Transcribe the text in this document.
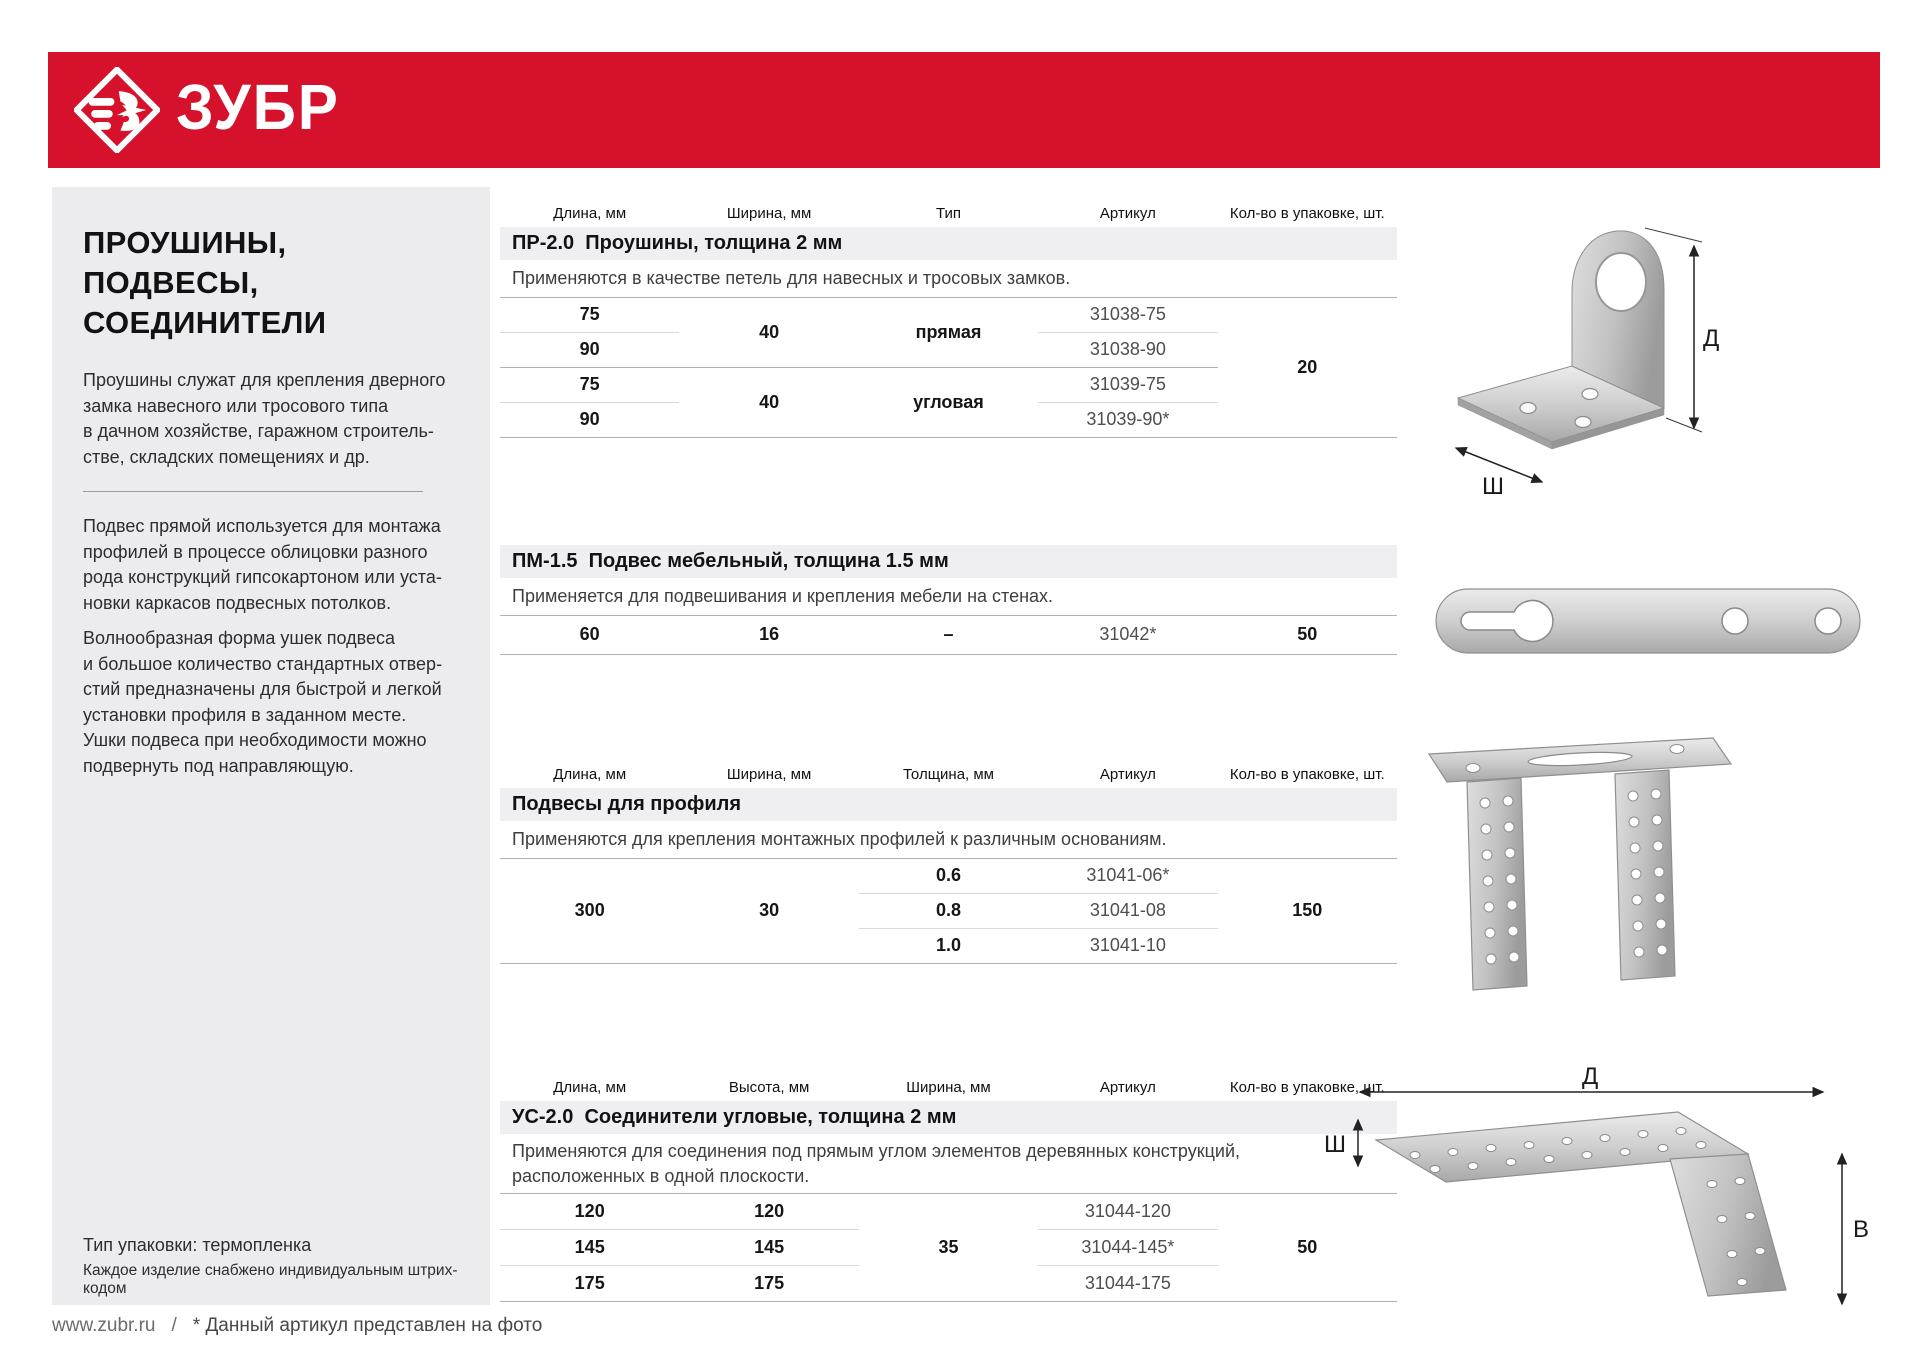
ЗУБР
ПРОУШИНЫ,
ПОДВЕСЫ,
СОЕДИНИТЕЛИ
Проушины служат для крепления дверного
замка навесного или тросового типа
в дачном хозяйстве, гаражном строитель-
стве, складских помещениях и др.
Подвес прямой используется для монтажа
профилей в процессе облицовки разного
рода конструкций гипсокартоном или уста-
новки каркасов подвесных потолков.
Волнообразная форма ушек подвеса
и большое количество стандартных отвер-
стий предназначены для быстрой и легкой
установки профиля в заданном месте.
Ушки подвеса при необходимости можно
подвернуть под направляющую.
Тип упаковки: термопленка
Каждое изделие снабжено индивидуальным штрих-кодом
Длина, мм	Ширина, мм	Тип	Артикул	Кол-во в упаковке, шт.
ПР-2.0  Проушины, толщина 2 мм				
Применяются в качестве петель для навесных и тросовых замков.				
75	40	прямая	31038-75	20
90			31038-90	
75	40	угловая	31039-75	
90			31039-90*	
ПМ-1.5  Подвес мебельный, толщина 1.5 мм
Применяется для подвешивания и крепления мебели на стенах.
60	16	–	31042*	50
Длина, мм	Ширина, мм	Толщина, мм	Артикул	Кол-во в упаковке, шт.
Подвесы для профиля				
Применяются для крепления монтажных профилей к различным основаниям.				
300	30	0.6	31041-06*	150
		0.8	31041-08	
		1.0	31041-10	
Длина, мм	Высота, мм	Ширина, мм	Артикул	Кол-во в упаковке, шт.
УС-2.0  Соединители угловые, толщина 2 мм				

Применяются для соединения под прямым углом элементов деревянных конструкций,
расположенных в одной плоскости.				

120	120	35	31044-120	50
145	145		31044-145*	
175	175		31044-175	
Д
Ш
Д
Ш
В
www.zubr.ru / * Данный артикул представлен на фото
